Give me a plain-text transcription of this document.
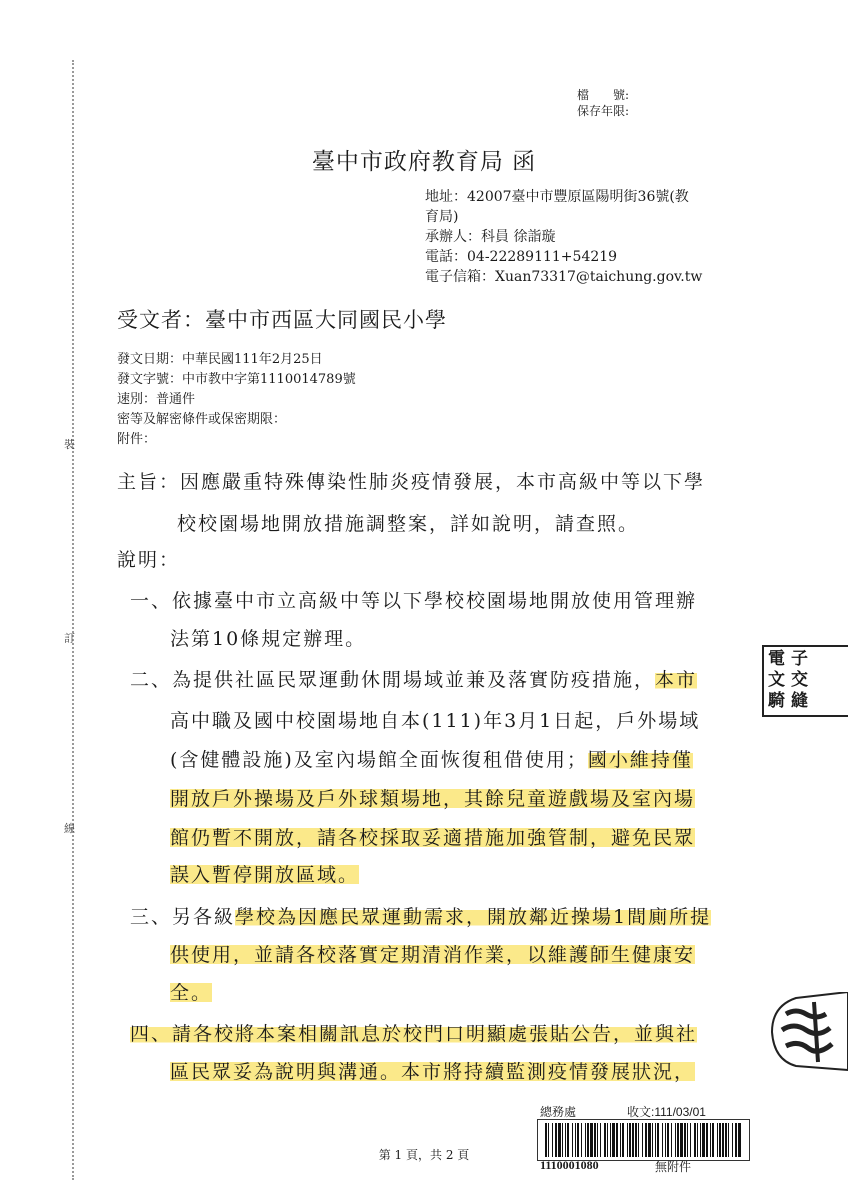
裝
訂
線
檔　　號:
保存年限:
臺中市政府教育局 函
地址：42007臺中市豐原區陽明街36號(教
育局)
承辦人：科員 徐詣璇
電話：04-22289111+54219
電子信箱：Xuan73317@taichung.gov.tw
受文者：臺中市西區大同國民小學
發文日期：中華民國111年2月25日
發文字號：中市教中字第1110014789號
速別：普通件
密等及解密條件或保密期限：
附件：
主旨：因應嚴重特殊傳染性肺炎疫情發展，本市高級中等以下學
校校園場地開放措施調整案，詳如說明，請查照。
說明：
一、依據臺中市立高級中等以下學校校園場地開放使用管理辦
法第10條規定辦理。
二、為提供社區民眾運動休閒場域並兼及落實防疫措施，本市
高中職及國中校園場地自本(111)年3月1日起，戶外場域
(含健體設施)及室內場館全面恢復租借使用；國小維持僅
開放戶外操場及戶外球類場地，其餘兒童遊戲場及室內場
館仍暫不開放，請各校採取妥適措施加強管制，避免民眾
誤入暫停開放區域。
三、另各級學校為因應民眾運動需求，開放鄰近操場1間廁所提
供使用，並請各校落實定期清消作業，以維護師生健康安
全。
四、請各校將本案相關訊息於校門口明顯處張貼公告，並與社
區民眾妥為說明與溝通。本市將持續監測疫情發展狀況，
電
文
騎
子
交
縫
總務處	收文:111/03/01
1110001080	無附件
第 1 頁，共 2 頁
